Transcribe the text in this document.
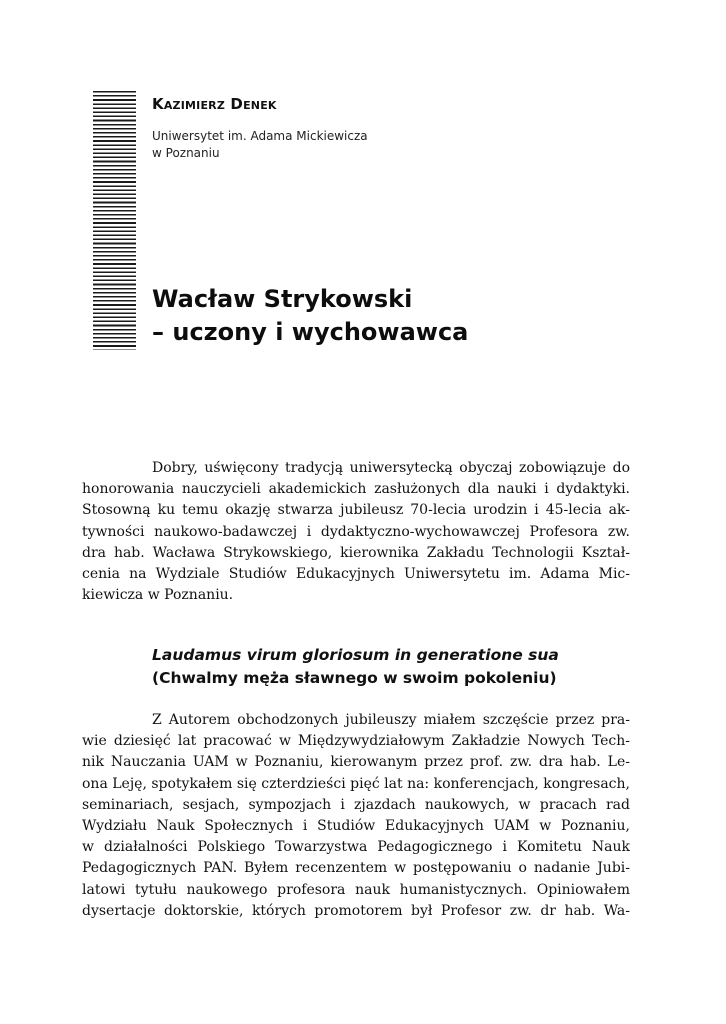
Kazimierz Denek
Uniwersytet im. Adama Mickiewicza
w Poznaniu
Wacław Strykowski
– uczony i wychowawca
Dobry, uświęcony tradycją uniwersytecką obyczaj zobowiązuje do
honorowania nauczycieli akademickich zasłużonych dla nauki i dydaktyki.
Stosowną ku temu okazję stwarza jubileusz 70-lecia urodzin i 45-lecia ak-
tywności naukowo-badawczej i dydaktyczno-wychowawczej Profesora zw.
dra hab. Wacława Strykowskiego, kierownika Zakładu Technologii Kształ-
cenia na Wydziale Studiów Edukacyjnych Uniwersytetu im. Adama Mic-
kiewicza w Poznaniu.
Laudamus virum gloriosum in generatione sua
(Chwalmy męża sławnego w swoim pokoleniu)
Z Autorem obchodzonych jubileuszy miałem szczęście przez pra-
wie dziesięć lat pracować w Międzywydziałowym Zakładzie Nowych Tech-
nik Nauczania UAM w Poznaniu, kierowanym przez prof. zw. dra hab. Le-
ona Leję, spotykałem się czterdzieści pięć lat na: konferencjach, kongresach,
seminariach, sesjach, sympozjach i zjazdach naukowych, w pracach rad
Wydziału Nauk Społecznych i Studiów Edukacyjnych UAM w Poznaniu,
w działalności Polskiego Towarzystwa Pedagogicznego i Komitetu Nauk
Pedagogicznych PAN. Byłem recenzentem w postępowaniu o nadanie Jubi-
latowi tytułu naukowego profesora nauk humanistycznych. Opiniowałem
dysertacje doktorskie, których promotorem był Profesor zw. dr hab. Wa-
